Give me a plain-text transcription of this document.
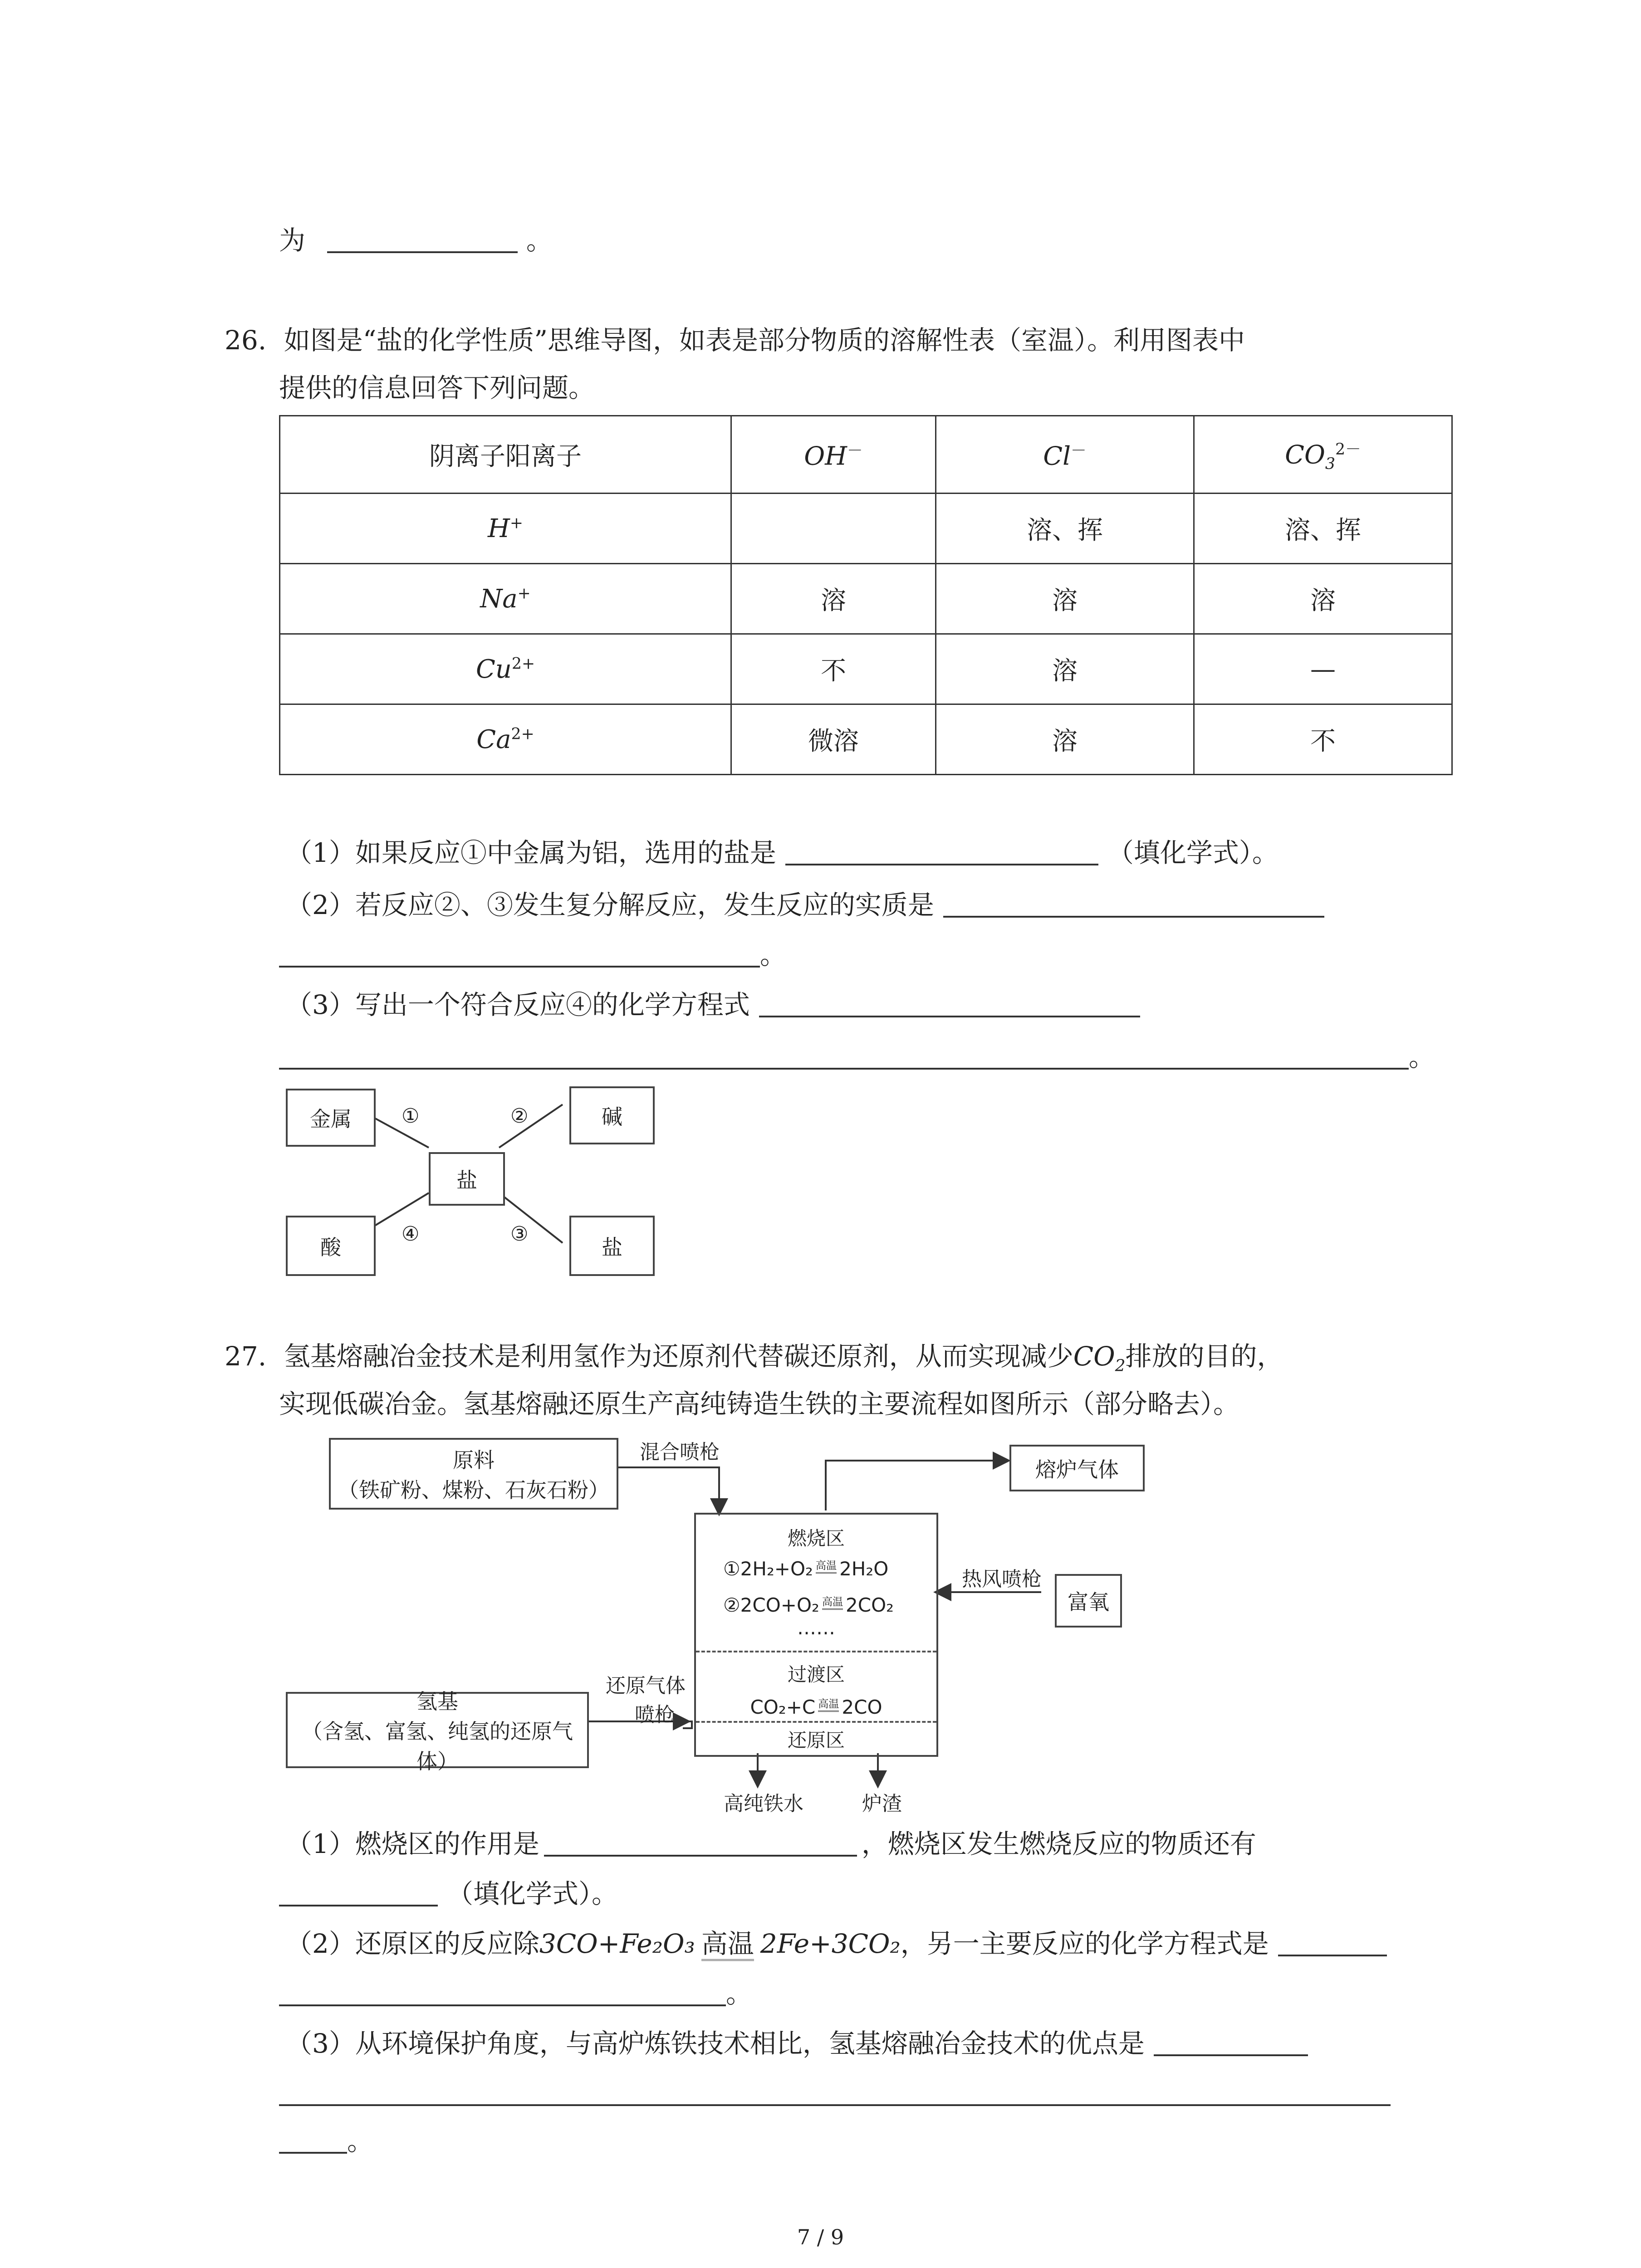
为	。
26. 如图是“盐的化学性质”思维导图，如表是部分物质的溶解性表（室温）。利用图表中
提供的信息回答下列问题。
阴离子阳离子	OH－	Cl－	$CO_3^{2-}$
H+		溶、挥	溶、挥
Na+	溶	溶	溶
$Cu^{2+}$	不	溶	—
$Ca^{2+}$	微溶	溶	不
（1）如果反应①中金属为铝，选用的盐是	（填化学式）。
（2）若反应②、③发生复分解反应，发生反应的实质是
。
（3）写出一个符合反应④的化学方程式
。
金属	碱
盐
酸	盐
①	②
③
④
27. 氢基熔融冶金技术是利用氢作为还原剂代替碳还原剂，从而实现减少$CO_2$排放的目的，
实现低碳冶金。氢基熔融还原生产高纯铸造生铁的主要流程如图所示（部分略去）。
原料
（铁矿粉、煤粉、石灰石粉）
混合喷枪
熔炉气体
燃烧区
①2H₂+O₂ 高温 2H₂O
②2CO+O₂ 高温 2CO₂
……
过渡区
CO₂+C 高温 2CO
还原区
热风喷枪
富氧
氢基
（含氢、富氢、纯氢的还原气体）
还原气体
喷枪
高纯铁水	炉渣
（1）燃烧区的作用是	，燃烧区发生燃烧反应的物质还有
（填化学式）。
（2）还原区的反应除3CO+Fe₂O₃ 高温 2Fe+3CO₂，另一主要反应的化学方程式是
。
（3）从环境保护角度，与高炉炼铁技术相比，氢基熔融冶金技术的优点是
。
7 / 9
